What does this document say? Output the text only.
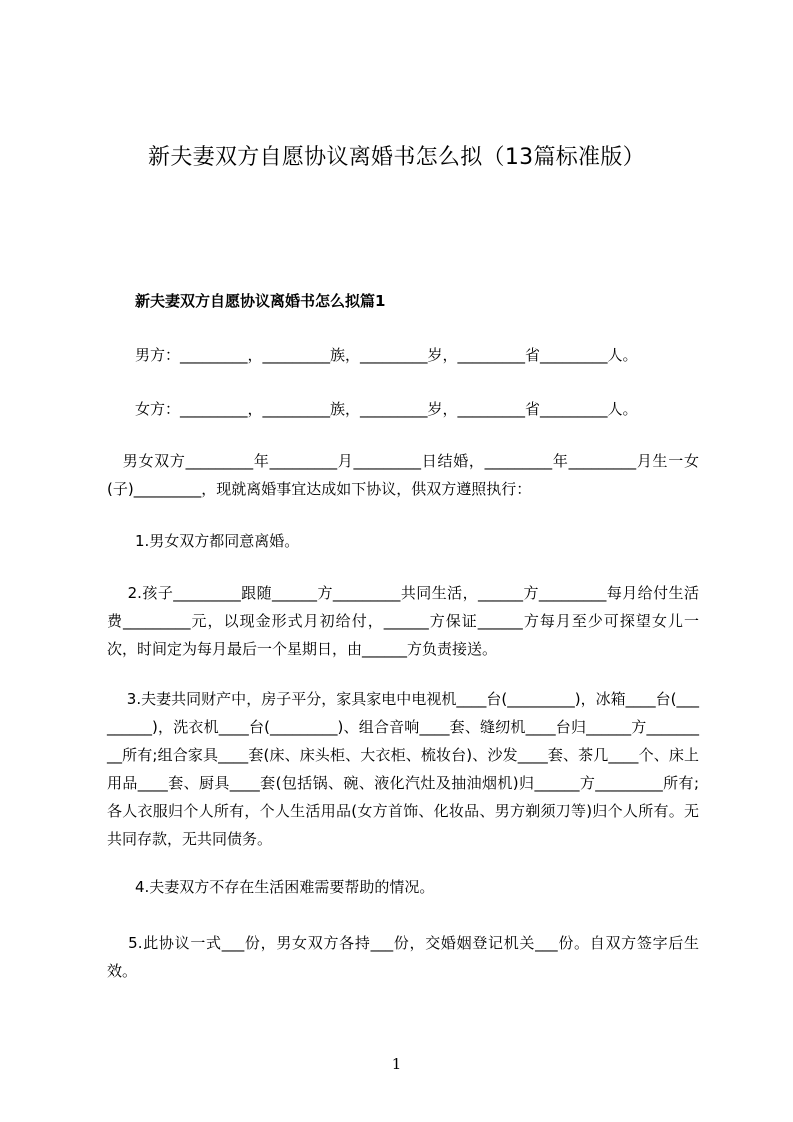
新夫妻双方自愿协议离婚书怎么拟（13篇标准版）
新夫妻双方自愿协议离婚书怎么拟篇1
男方：_________，_________族，_________岁，_________省_________人。
女方：_________，_________族，_________岁，_________省_________人。
　男女双方_________年_________月_________日结婚，_________年_________月生一女(子)_________，现就离婚事宜达成如下协议，供双方遵照执行：
1.男女双方都同意离婚。
　 2.孩子_________跟随______方_________共同生活，______方_________每月给付生活费_________元，以现金形式月初给付，______方保证______方每月至少可探望女儿一次，时间定为每月最后一个星期日，由______方负责接送。
　 3.夫妻共同财产中，房子平分，家具家电中电视机____台(_________)，冰箱____台(_________)，洗衣机____台(_________)、组合音响____套、缝纫机____台归______方_________所有;组合家具____套(床、床头柜、大衣柜、梳妆台)、沙发____套、茶几____个、床上用品____套、厨具____套(包括锅、碗、液化汽灶及抽油烟机)归______方_________所有;各人衣服归个人所有，个人生活用品(女方首饰、化妆品、男方剃须刀等)归个人所有。无共同存款，无共同债务。
4.夫妻双方不存在生活困难需要帮助的情况。
　 5.此协议一式___份，男女双方各持___份，交婚姻登记机关___份。自双方签字后生效。
1
